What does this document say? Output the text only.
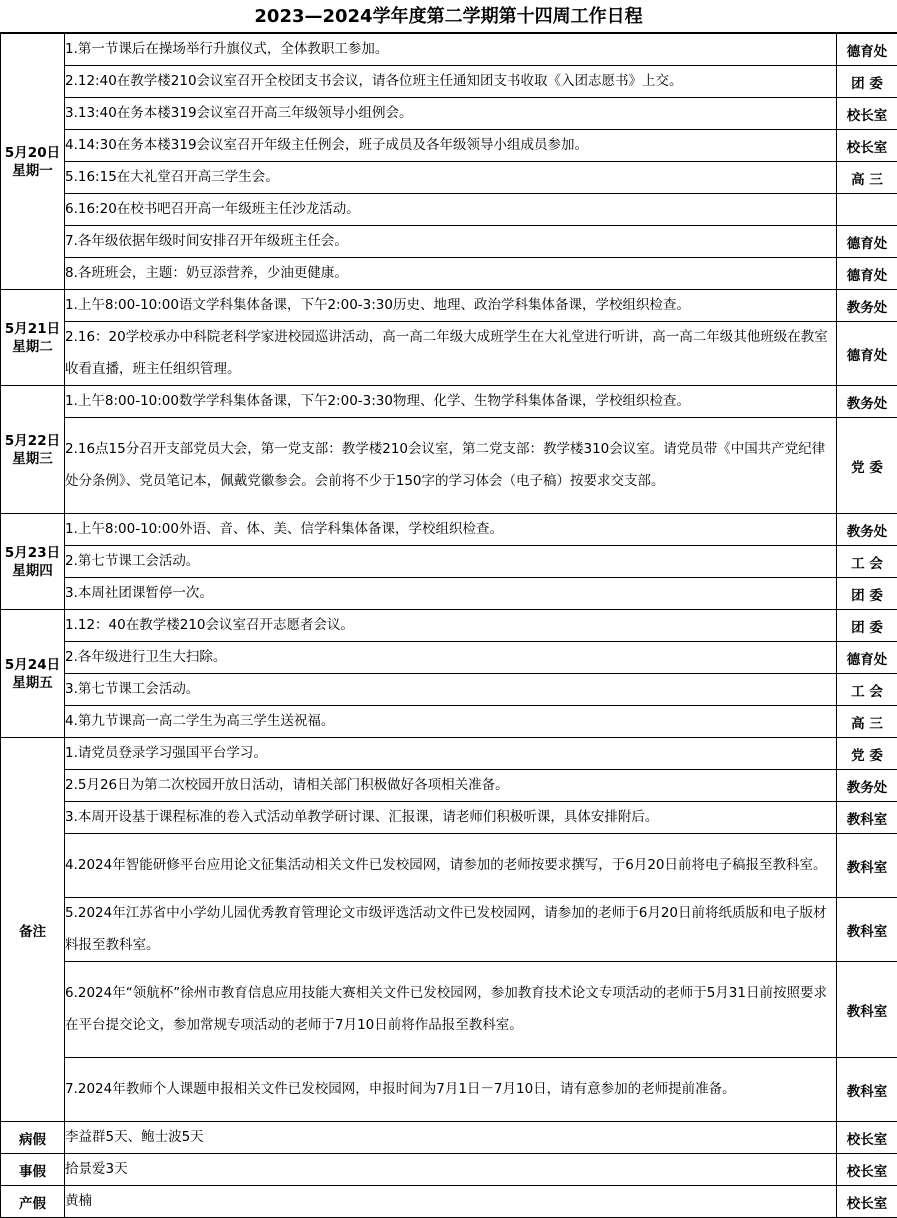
2023—2024学年度第二学期第十四周工作日程
5月20日星期一	1.第一节课后在操场举行升旗仪式，全体教职工参加。	德育处
	2.12:40在教学楼210会议室召开全校团支书会议，请各位班主任通知团支书收取《入团志愿书》上交。	团 委
	3.13:40在务本楼319会议室召开高三年级领导小组例会。	校长室
	4.14:30在务本楼319会议室召开年级主任例会，班子成员及各年级领导小组成员参加。	校长室
	5.16:15在大礼堂召开高三学生会。	高 三
	6.16:20在校书吧召开高一年级班主任沙龙活动。	
	7.各年级依据年级时间安排召开年级班主任会。	德育处
	8.各班班会，主题：奶豆添营养，少油更健康。	德育处
5月21日星期二	1.上午8:00-10:00语文学科集体备课，下午2:00-3:30历史、地理、政治学科集体备课，学校组织检查。	教务处
	2.16：20学校承办中科院老科学家进校园巡讲活动，高一高二年级大成班学生在大礼堂进行听讲，高一高二年级其他班级在教室收看直播，班主任组织管理。	德育处
5月22日星期三	1.上午8:00-10:00数学学科集体备课，下午2:00-3:30物理、化学、生物学科集体备课，学校组织检查。	教务处
	2.16点15分召开支部党员大会，第一党支部：教学楼210会议室，第二党支部：教学楼310会议室。请党员带《中国共产党纪律处分条例》、党员笔记本，佩戴党徽参会。会前将不少于150字的学习体会（电子稿）按要求交支部。	党 委
5月23日星期四	1.上午8:00-10:00外语、音、体、美、信学科集体备课，学校组织检查。	教务处
	2.第七节课工会活动。	工 会
	3.本周社团课暂停一次。	团 委
5月24日星期五	1.12：40在教学楼210会议室召开志愿者会议。	团 委
	2.各年级进行卫生大扫除。	德育处
	3.第七节课工会活动。	工 会
	4.第九节课高一高二学生为高三学生送祝福。	高 三
备注	1.请党员登录学习强国平台学习。	党 委
	2.5月26日为第二次校园开放日活动，请相关部门积极做好各项相关准备。	教务处
	3.本周开设基于课程标准的卷入式活动单教学研讨课、汇报课，请老师们积极听课，具体安排附后。	教科室
	4.2024年智能研修平台应用论文征集活动相关文件已发校园网，请参加的老师按要求撰写，于6月20日前将电子稿报至教科室。	教科室
	5.2024年江苏省中小学幼儿园优秀教育管理论文市级评选活动文件已发校园网，请参加的老师于6月20日前将纸质版和电子版材料报至教科室。	教科室
	6.2024年“领航杯”徐州市教育信息应用技能大赛相关文件已发校园网，参加教育技术论文专项活动的老师于5月31日前按照要求在平台提交论文，参加常规专项活动的老师于7月10日前将作品报至教科室。	教科室
	7.2024年教师个人课题申报相关文件已发校园网，申报时间为7月1日－7月10日，请有意参加的老师提前准备。	教科室
病假	李益群5天、鲍士波5天	校长室
事假	拾景爱3天	校长室
产假	黄楠	校长室
